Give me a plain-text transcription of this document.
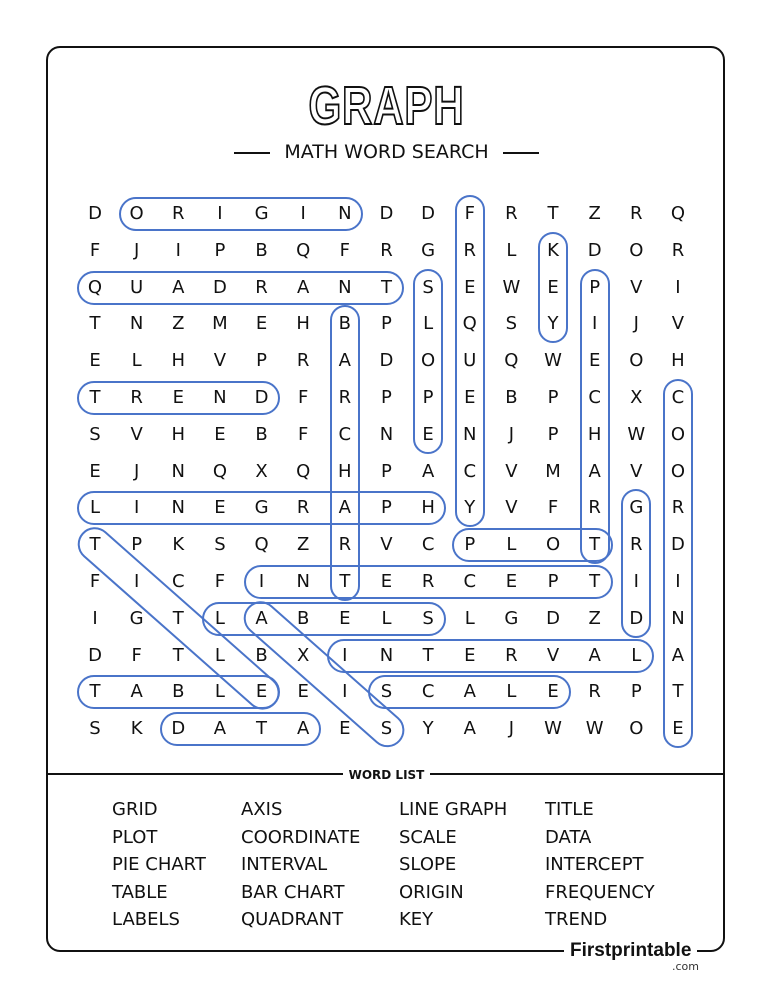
GRAPH
MATH WORD SEARCH
D	O	R	I	G	I	N	D	D	F	R	T	Z	R	Q
F	J	I	P	B	Q	F	R	G	R	L	K	D	O	R
Q	U	A	D	R	A	N	T	S	E	W	E	P	V	I
T	N	Z	M	E	H	B	P	L	Q	S	Y	I	J	V
E	L	H	V	P	R	A	D	O	U	Q	W	E	O	H
T	R	E	N	D	F	R	P	P	E	B	P	C	X	C
S	V	H	E	B	F	C	N	E	N	J	P	H	W	O
E	J	N	Q	X	Q	H	P	A	C	V	M	A	V	O
L	I	N	E	G	R	A	P	H	Y	V	F	R	G	R
T	P	K	S	Q	Z	R	V	C	P	L	O	T	R	D
F	I	C	F	I	N	T	E	R	C	E	P	T	I	I
I	G	T	L	A	B	E	L	S	L	G	D	Z	D	N
D	F	T	L	B	X	I	N	T	E	R	V	A	L	A
T	A	B	L	E	E	I	S	C	A	L	E	R	P	T
S	K	D	A	T	A	E	S	Y	A	J	W	W	O	E
WORD LIST
GRID	AXIS	LINE GRAPH	TITLE
PLOT	COORDINATE	SCALE	DATA
PIE CHART	INTERVAL	SLOPE	INTERCEPT
TABLE	BAR CHART	ORIGIN	FREQUENCY
LABELS	QUADRANT	KEY	TREND
Firstprintable
.com
